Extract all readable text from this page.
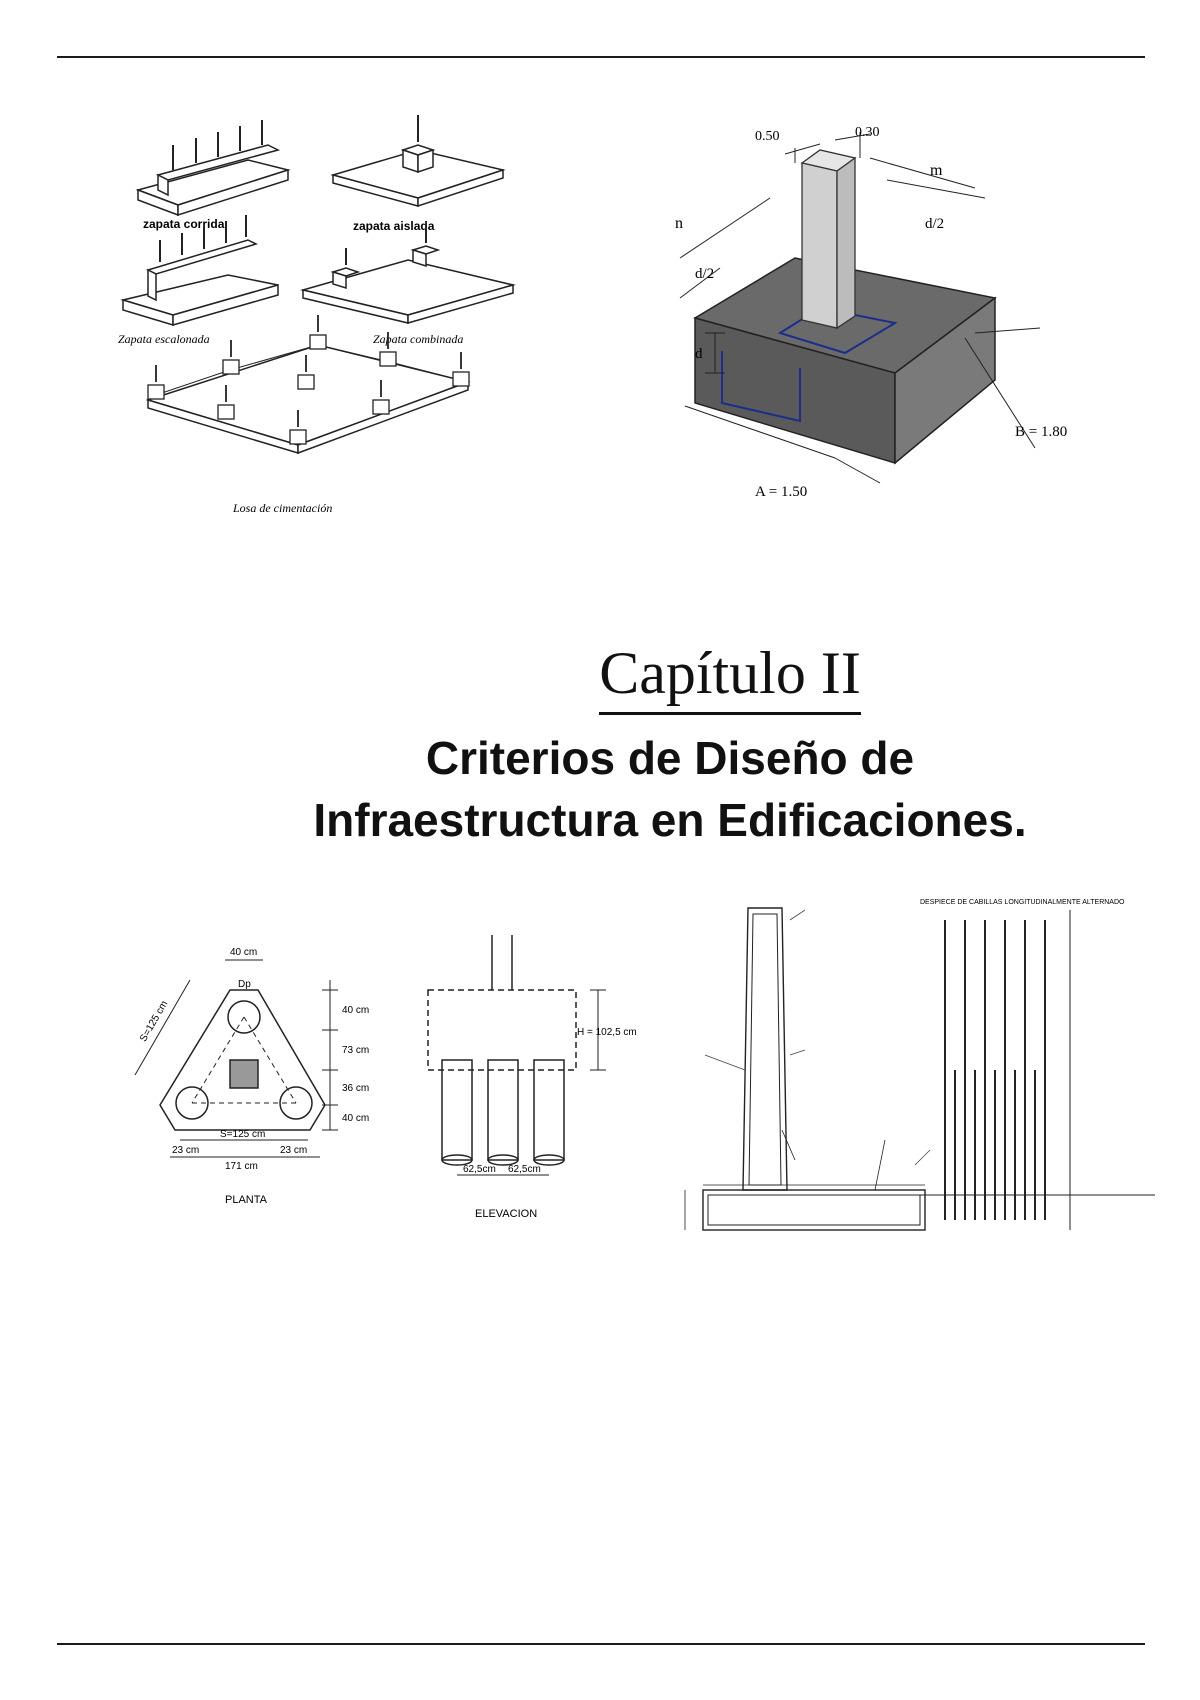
zapata corrida	zapata aislada
Zapata escalonada	Zapata combinada
Losa de cimentación
0.50	0.30
m
n	d/2
d/2
d
B = 1.80
A = 1.50
Capítulo II
Criterios de Diseño de
Infraestructura en Edificaciones.
40 cm
Dp
S=125 cm	40 cm
73 cm
36 cm
40 cm
S=125 cm
23 cm	23 cm
171 cm
PLANTA
H = 102,5 cm
62,5cm 62,5cm
ELEVACION
DESPIECE DE CABILLAS LONGITUDINALMENTE ALTERNADO
